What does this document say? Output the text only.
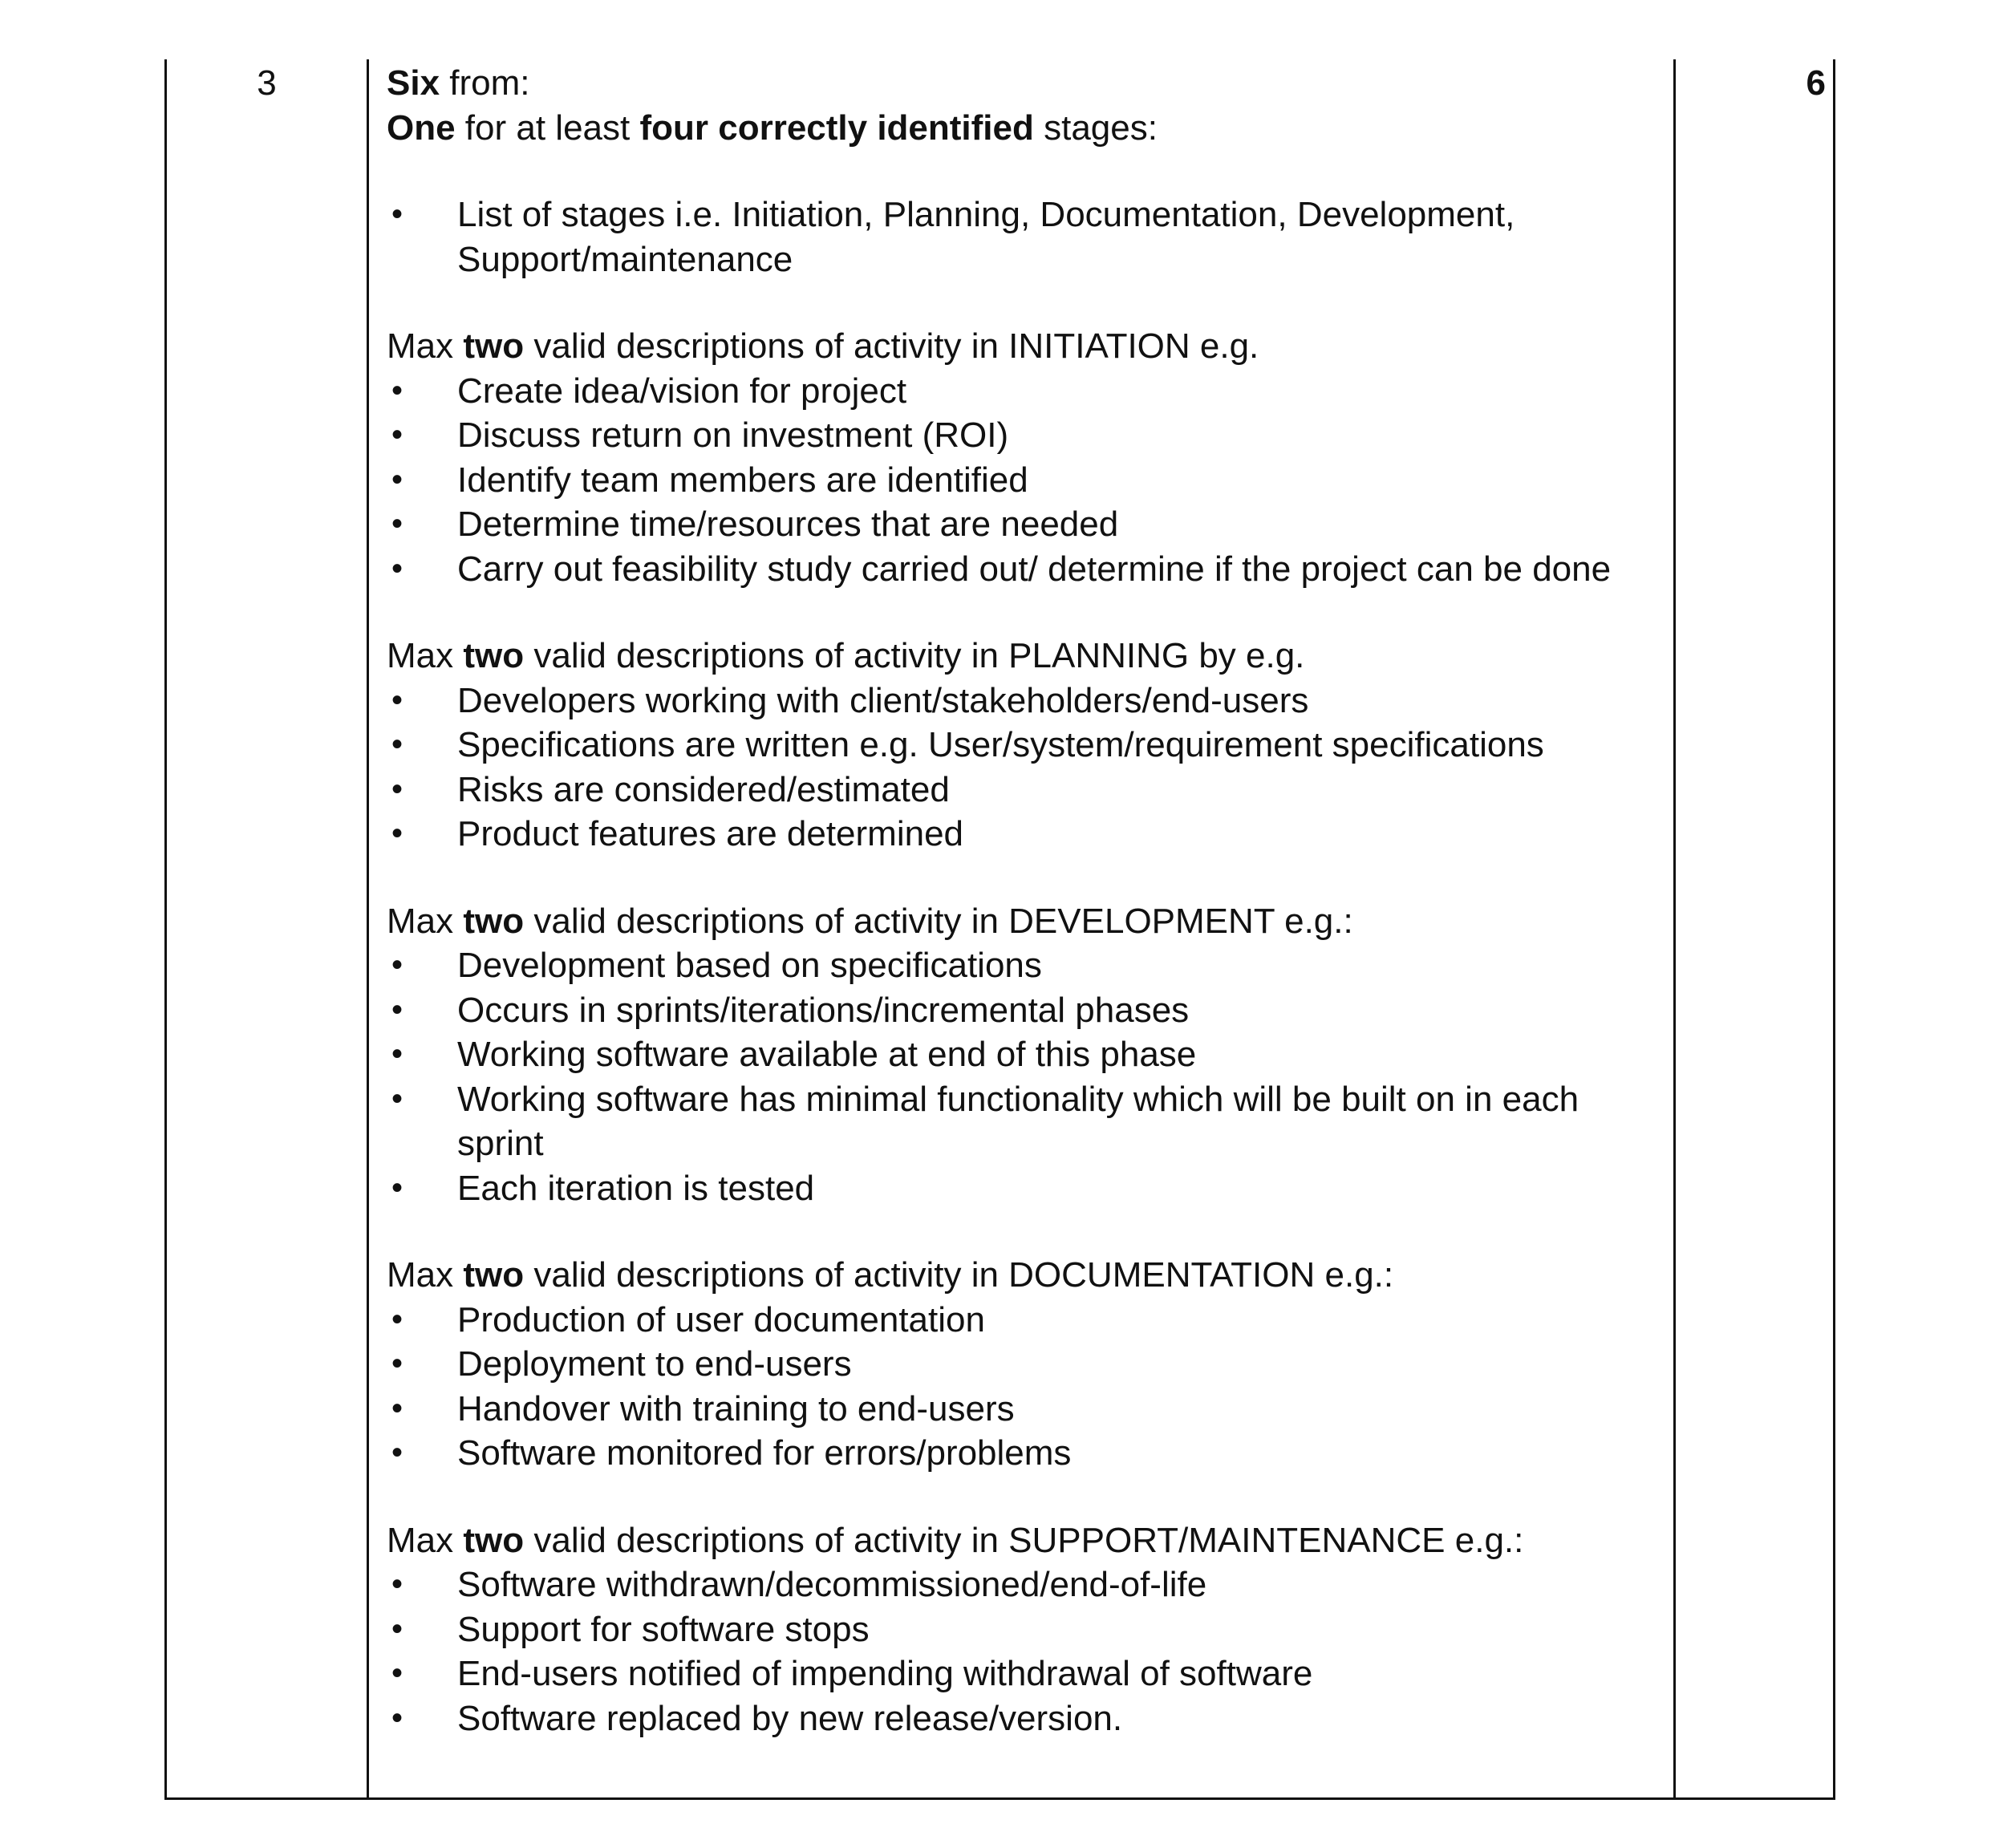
3	6

Six from:

One for at least four correctly identified stages:

• List of stages i.e. Initiation, Planning, Documentation, Development, Support/maintenance

Max two valid descriptions of activity in INITIATION e.g.

• Create idea/vision for project
• Discuss return on investment (ROI)
• Identify team members are identified
• Determine time/resources that are needed
• Carry out feasibility study carried out/ determine if the project can be done

Max two valid descriptions of activity in PLANNING by e.g.

• Developers working with client/stakeholders/end-users
• Specifications are written e.g. User/system/requirement specifications
• Risks are considered/estimated
• Product features are determined

Max two valid descriptions of activity in DEVELOPMENT e.g.:

• Development based on specifications
• Occurs in sprints/iterations/incremental phases
• Working software available at end of this phase
• Working software has minimal functionality which will be built on in each sprint
• Each iteration is tested

Max two valid descriptions of activity in DOCUMENTATION e.g.:

• Production of user documentation
• Deployment to end-users
• Handover with training to end-users
• Software monitored for errors/problems

Max two valid descriptions of activity in SUPPORT/MAINTENANCE e.g.:

• Software withdrawn/decommissioned/end-of-life
• Support for software stops
• End-users notified of impending withdrawal of software
• Software replaced by new release/version.
